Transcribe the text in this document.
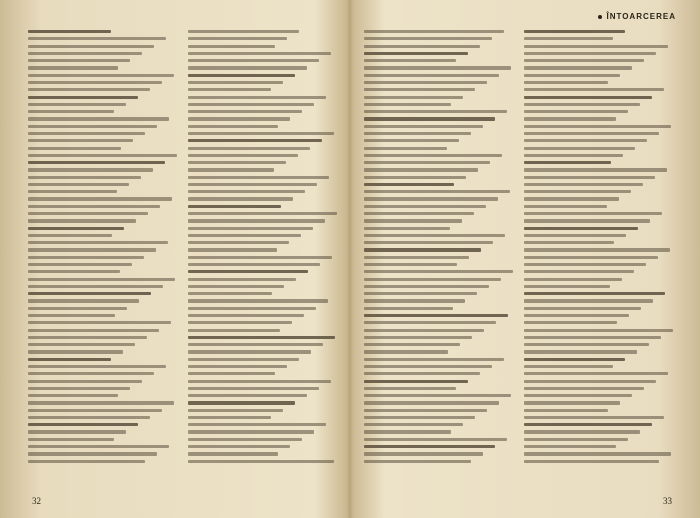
32
ÎNTOARCEREA
33
